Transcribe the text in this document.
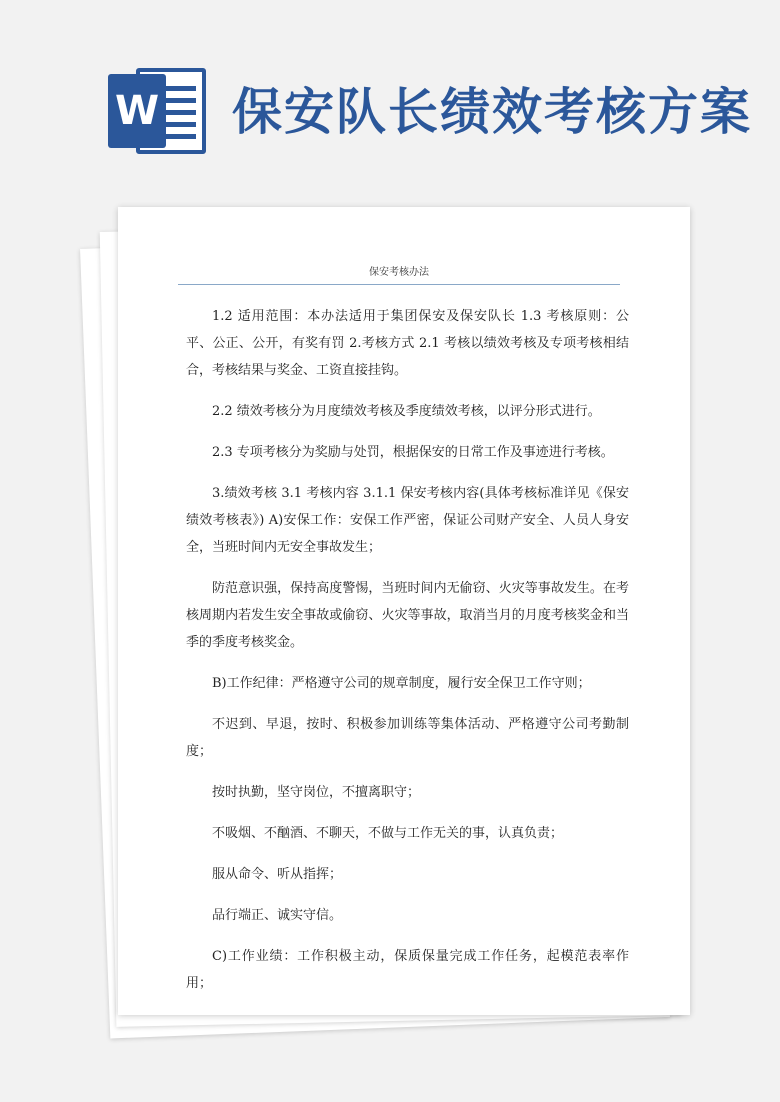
W 保安队长绩效考核方案
保安考核办法

1.2 适用范围：本办法适用于集团保安及保安队长 1.3 考核原则：公平、公正、公开，有奖有罚 2.考核方式 2.1 考核以绩效考核及专项考核相结合，考核结果与奖金、工资直接挂钩。

2.2 绩效考核分为月度绩效考核及季度绩效考核，以评分形式进行。

2.3 专项考核分为奖励与处罚，根据保安的日常工作及事迹进行考核。

3.绩效考核 3.1 考核内容 3.1.1 保安考核内容(具体考核标准详见《保安绩效考核表》) A)安保工作：安保工作严密，保证公司财产安全、人员人身安全，当班时间内无安全事故发生；

防范意识强，保持高度警惕，当班时间内无偷窃、火灾等事故发生。在考核周期内若发生安全事故或偷窃、火灾等事故，取消当月的月度考核奖金和当季的季度考核奖金。

B)工作纪律：严格遵守公司的规章制度，履行安全保卫工作守则；

不迟到、早退，按时、积极参加训练等集体活动、严格遵守公司考勤制度；

按时执勤，坚守岗位，不擅离职守；

不吸烟、不酗酒、不聊天，不做与工作无关的事，认真负责；

服从命令、听从指挥；

品行端正、诚实守信。

C)工作业绩：工作积极主动，保质保量完成工作任务，起模范表率作用；
